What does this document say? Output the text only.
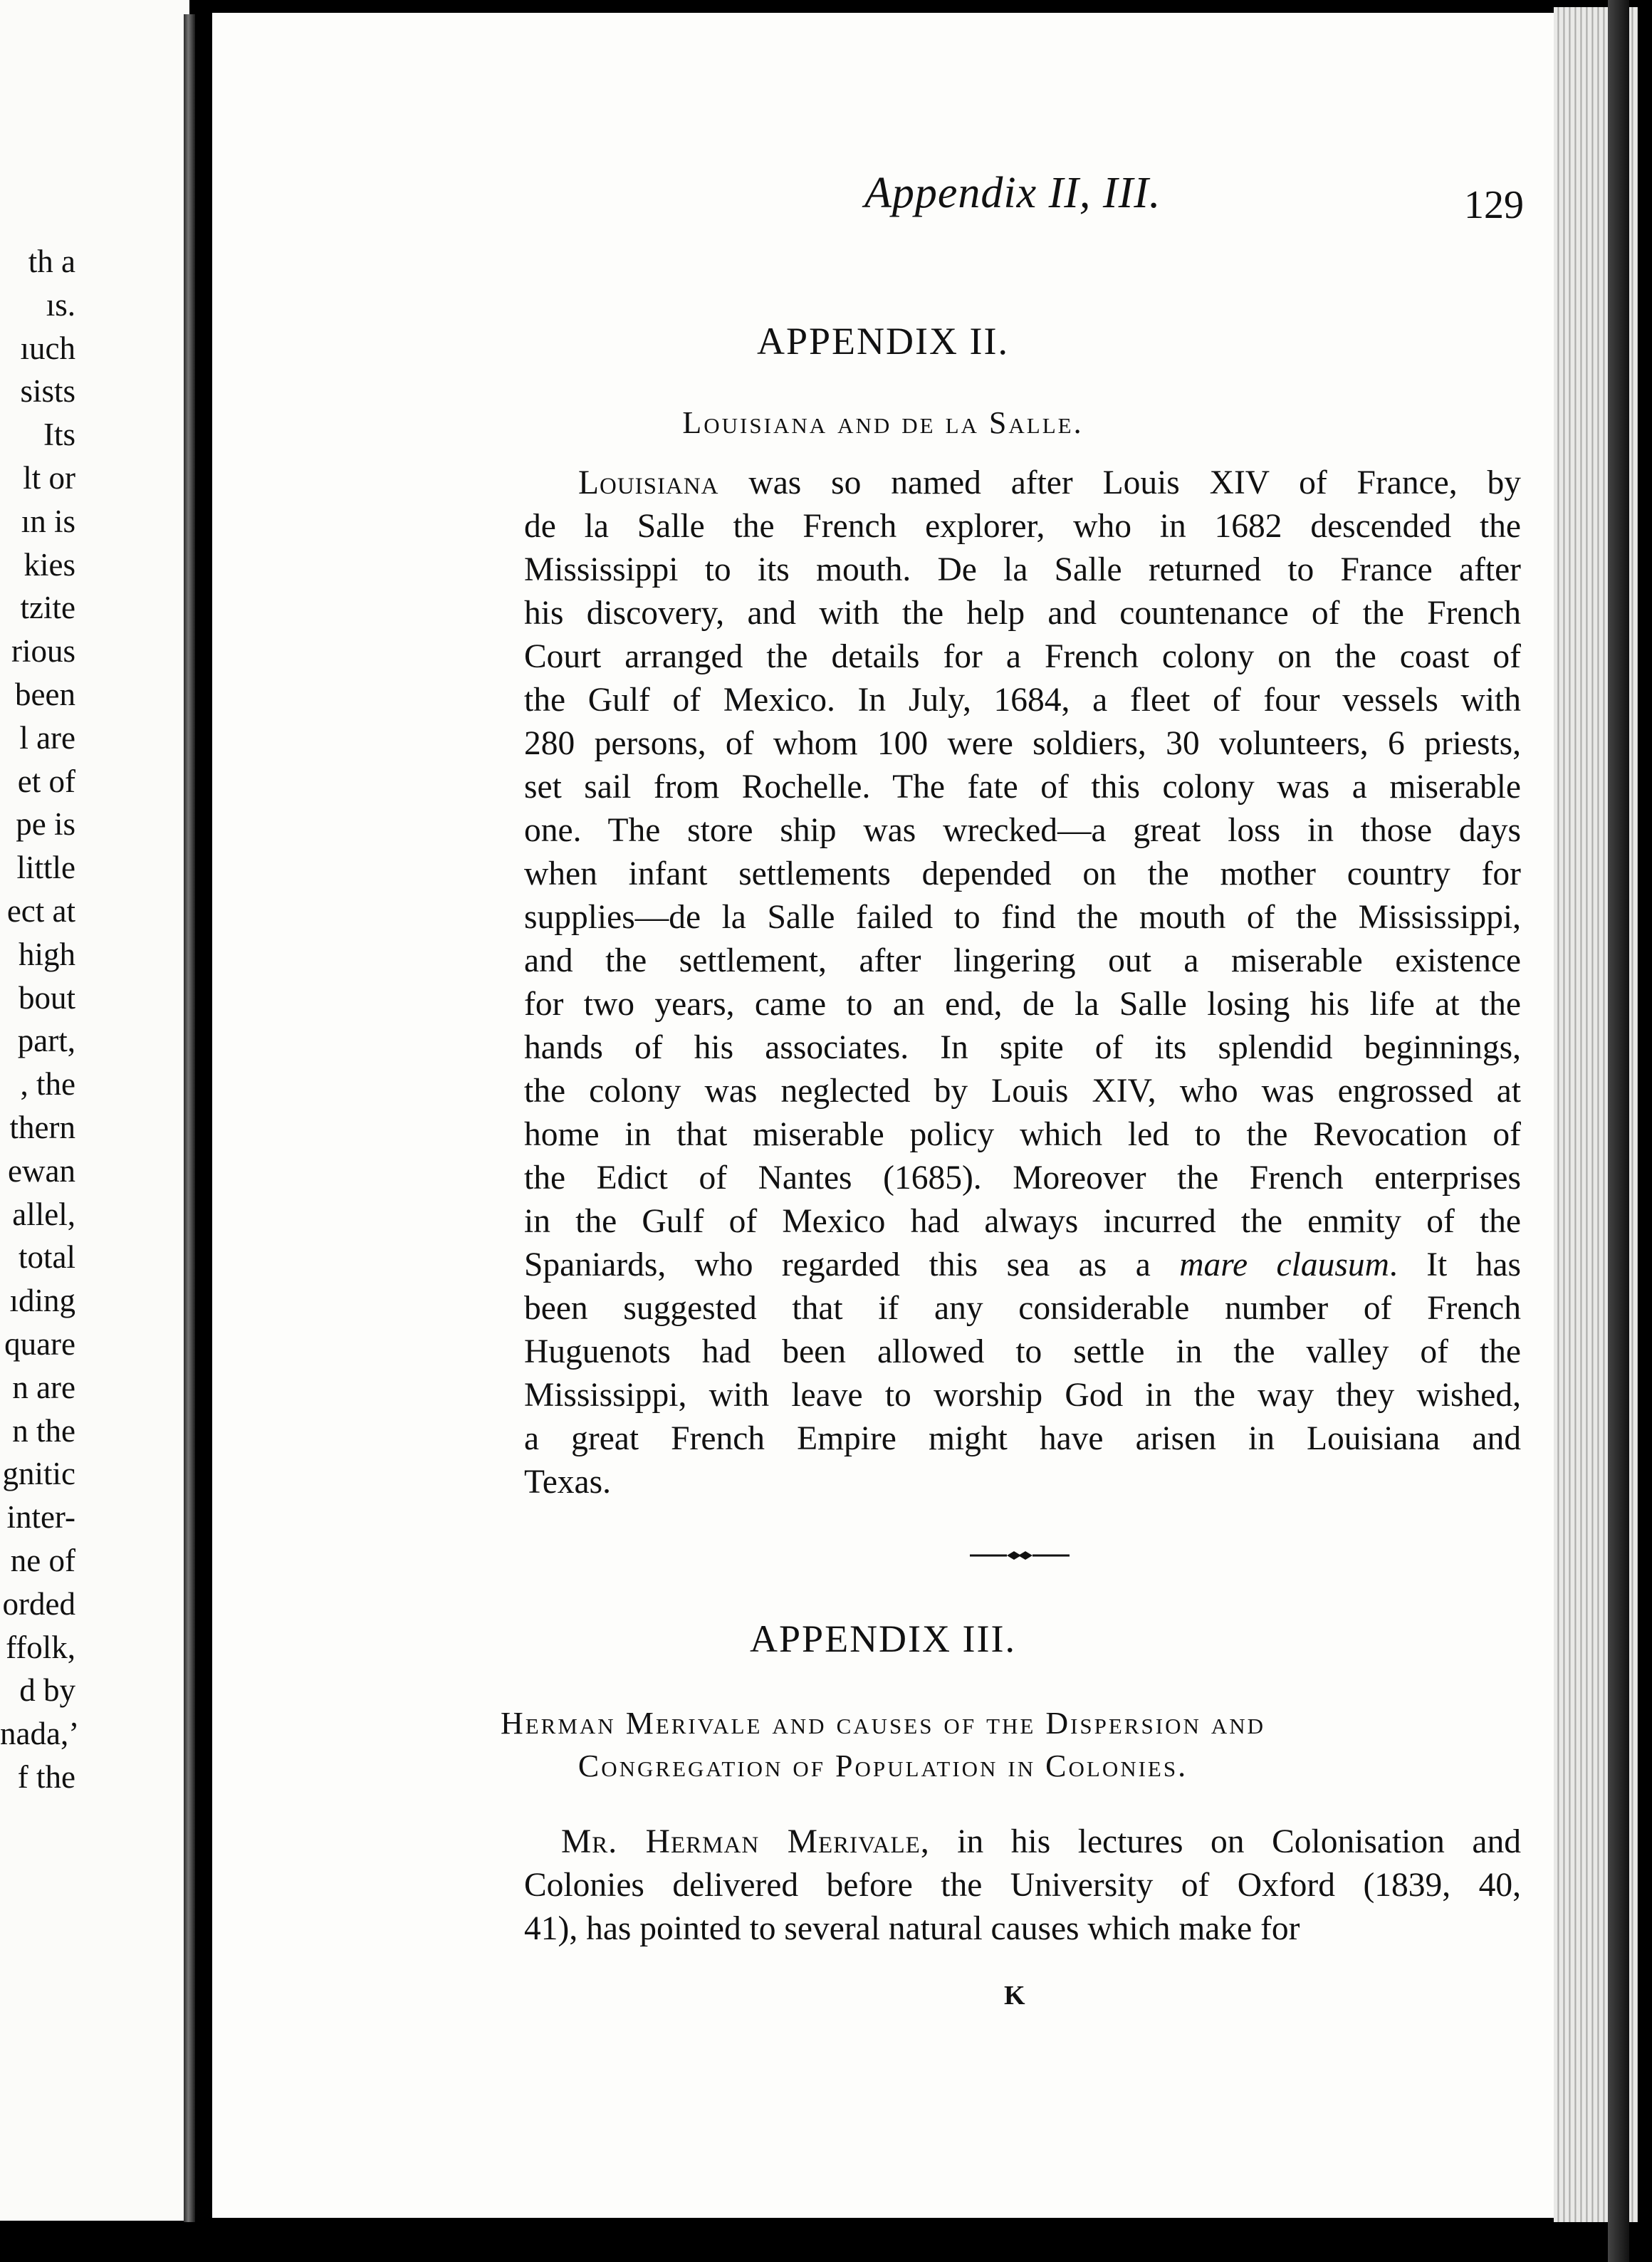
th a
ıs.
ıuch
sists
Its
lt or
ın is
kies
tzite
rious
been
l are
et of
pe is
little
ect at
high
bout
part,
, the
thern
ewan
allel,
total
ıding
quare
n are
n the
gnitic
inter-
ne of
orded
ffolk,
d by
nada,’
f the
Appendix II, III.	129
APPENDIX II.
Louisiana and de la Salle.
Louisiana was so named after Louis XIV of France, by
de la Salle the French explorer, who in 1682 descended the
Mississippi to its mouth. De la Salle returned to France after
his discovery, and with the help and countenance of the French
Court arranged the details for a French colony on the coast of
the Gulf of Mexico. In July, 1684, a fleet of four vessels with
280 persons, of whom 100 were soldiers, 30 volunteers, 6 priests,
set sail from Rochelle. The fate of this colony was a miserable
one. The store ship was wrecked—a great loss in those days
when infant settlements depended on the mother country for
supplies—de la Salle failed to find the mouth of the Mississippi,
and the settlement, after lingering out a miserable existence
for two years, came to an end, de la Salle losing his life at the
hands of his associates. In spite of its splendid beginnings,
the colony was neglected by Louis XIV, who was engrossed at
home in that miserable policy which led to the Revocation of
the Edict of Nantes (1685). Moreover the French enterprises
in the Gulf of Mexico had always incurred the enmity of the
Spaniards, who regarded this sea as a mare clausum. It has
been suggested that if any considerable number of French
Huguenots had been allowed to settle in the valley of the
Mississippi, with leave to worship God in the way they wished,
a great French Empire might have arisen in Louisiana and
Texas.
APPENDIX III.
Herman Merivale and causes of the Dispersion and
Congregation of Population in Colonies.
Mr. Herman Merivale, in his lectures on Colonisation and
Colonies delivered before the University of Oxford (1839, 40,
41), has pointed to several natural causes which make for
K
